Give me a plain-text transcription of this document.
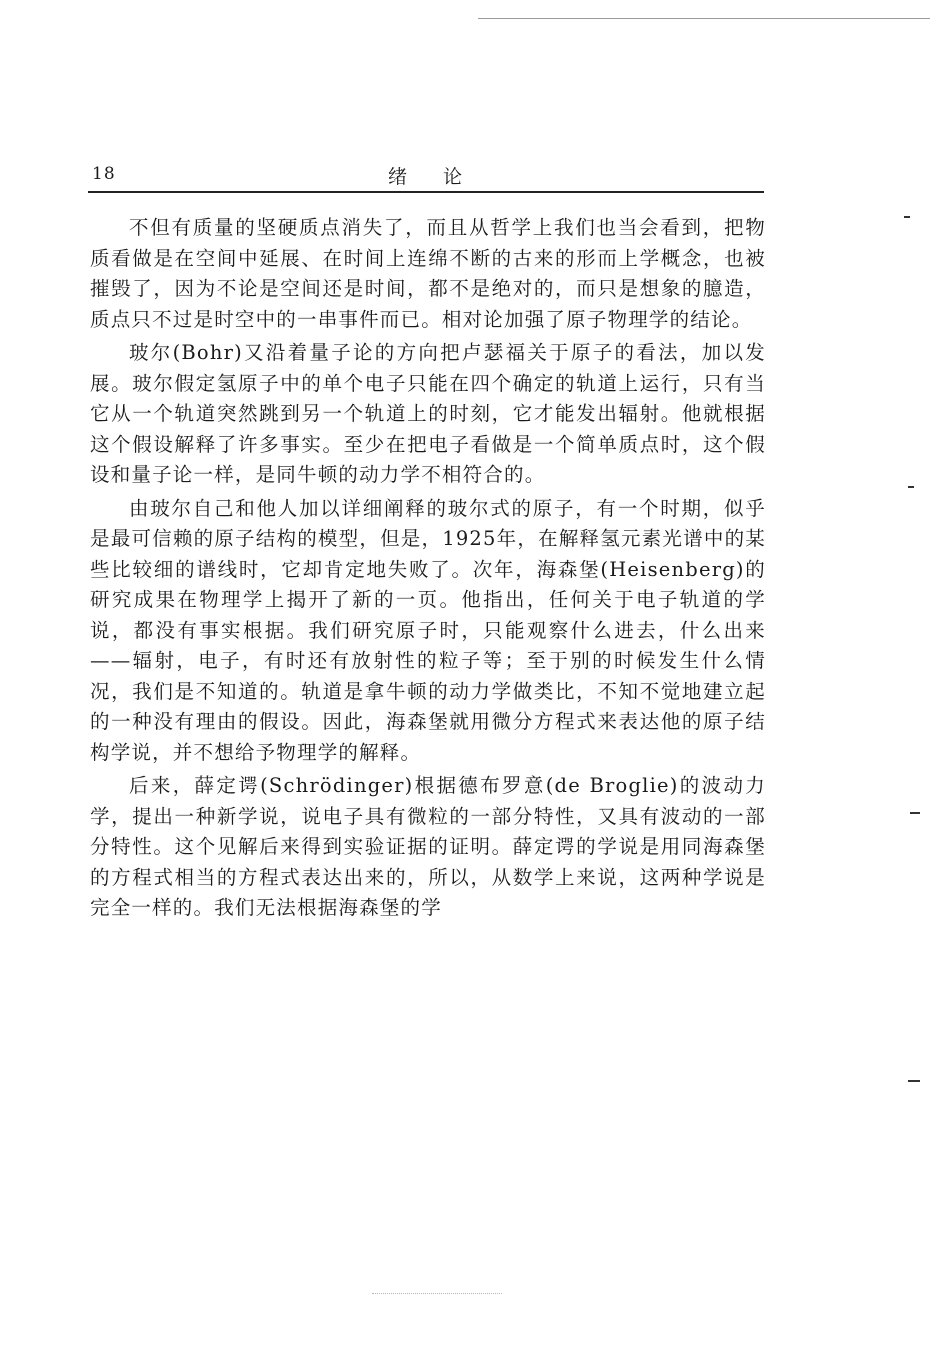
18	绪论

不但有质量的坚硬质点消失了，而且从哲学上我们也当会看到，把物质看做是在空间中延展、在时间上连绵不断的古来的形而上学概念，也被摧毁了，因为不论是空间还是时间，都不是绝对的，而只是想象的臆造，质点只不过是时空中的一串事件而已。相对论加强了原子物理学的结论。

玻尔(Bohr)又沿着量子论的方向把卢瑟福关于原子的看法，加以发展。玻尔假定氢原子中的单个电子只能在四个确定的轨道上运行，只有当它从一个轨道突然跳到另一个轨道上的时刻，它才能发出辐射。他就根据这个假设解释了许多事实。至少在把电子看做是一个简单质点时，这个假设和量子论一样，是同牛顿的动力学不相符合的。

由玻尔自己和他人加以详细阐释的玻尔式的原子，有一个时期，似乎是最可信赖的原子结构的模型，但是，1925年，在解释氢元素光谱中的某些比较细的谱线时，它却肯定地失败了。次年，海森堡(Heisenberg)的研究成果在物理学上揭开了新的一页。他指出，任何关于电子轨道的学说，都没有事实根据。我们研究原子时，只能观察什么进去，什么出来——辐射，电子，有时还有放射性的粒子等；至于别的时候发生什么情况，我们是不知道的。轨道是拿牛顿的动力学做类比，不知不觉地建立起的一种没有理由的假设。因此，海森堡就用微分方程式来表达他的原子结构学说，并不想给予物理学的解释。

后来，薛定谔(Schrödinger)根据德布罗意(de Broglie)的波动力学，提出一种新学说，说电子具有微粒的一部分特性，又具有波动的一部分特性。这个见解后来得到实验证据的证明。薛定谔的学说是用同海森堡的方程式相当的方程式表达出来的，所以，从数学上来说，这两种学说是完全一样的。我们无法根据海森堡的学
